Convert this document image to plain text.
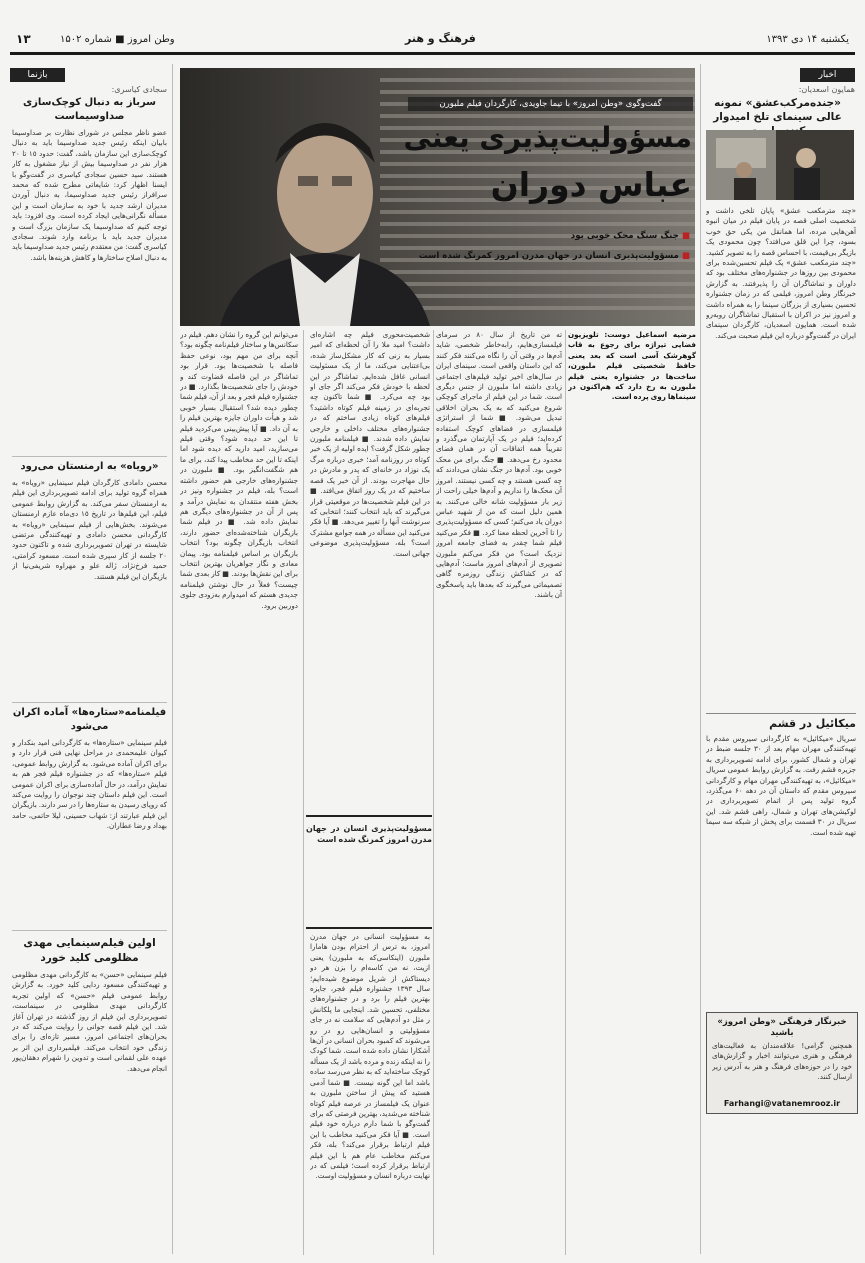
وطن امروز ■ شماره ۱۵۰۲
۱۳	فرهنگ و هنر	یکشنبه ۱۴ دی ۱۳۹۳
اخبار
همایون اسعدیان:
«جنده‌مرکب‌عشق» نمونه عالی سینمای تلخ امیدوار
«چند مترمکعب عشق» پایان تلخی داشت و شخصیت اصلی قصه در پایان فیلم در میان انبوه آهن‌هایی مرده، اما همانقل من یکی حق خوب بسود، چرا این قلق می‌افتد؟ چون محمودی یک بازیگر بی‌قیمت، با احساس قصه را به تصویر کشید. «چند مترمکعب عشق» یک فیلم تحسین‌شده برای محمودی بین روزها در جشنواره‌های مختلف بود که داوران و تماشاگران آن را پذیرفتند. به گزارش خبرنگار وطن امروز، فیلمی که در زمان جشنواره تحسین بسیاری از بزرگان سینما را به همراه داشت و امروز نیز در اکران با استقبال تماشاگران روبه‌رو شده است. همایون اسعدیان، کارگردان سینمای ایران در گفت‌وگو درباره این فیلم صحبت می‌کند.
میکائیل در قشم
سریال «میکائیل» به کارگردانی سیروس مقدم با تهیه‌کنندگی مهران مهام بعد از ۳۰ جلسه ضبط در تهران و شمال کشور، برای ادامه تصویربرداری به جزیره قشم رفت. به گزارش روابط عمومی سریال «میکائیل»، به تهیه‌کنندگی مهران مهام و کارگردانی سیروس مقدم که داستان آن در دهه ۶۰ می‌گذرد، گروه تولید پس از اتمام تصویربرداری در لوکیشن‌های تهران و شمال، راهی قشم شد. این سریال در ۳۰ قسمت برای پخش از شبکه سه سیما تهیه شده است.
خبرنگار فرهنگی «وطن امروز» باشید
همچنین گرامی! علاقه‌مندان به فعالیت‌های فرهنگی و هنری می‌توانند اخبار و گزارش‌های خود را در حوزه‌های فرهنگ و هنر به آدرس زیر ارسال کنند.
Farhangi@vatanemrooz.ir
گفت‌وگوی «وطن امروز» با تیما جاویدی، کارگردان فیلم ملبورن
مسؤولیت‌پذیری یعنی
عباس دوران
■ جنگ سنگ محک خوبی بود
■ مسؤولیت‌پذیری انسان در جهان مدرن امروز کمرنگ شده است
مرضیه اسماعیل دوست: تلویزیون فضایی تیراژه برای رجوع به قاب گوهرشک آسی است که بعد یعنی حافظ شخصیتی فیلم ملبورن، ساخت‌ها در جشنواره یعنی فیلم ملبورن به رخ دارد که هم‌اکنون در سینماها روی پرده است.
ته من تاریخ از سال ٨٠ در سرمای فیلمسازی‌هایم، رابه‌خاطر شخصی، شاید آدم‌ها در وقتی آن را نگاه می‌کنند فکر کنند که این داستان واقعی است. سینمای ایران در سال‌های اخیر تولید فیلم‌های اجتماعی زیادی داشته اما ملبورن از جنس دیگری است. شما در این فیلم از ماجرای کوچکی شروع می‌کنید که به یک بحران اخلاقی تبدیل می‌شود. ■ شما از استراتژی فیلمسازی در فضاهای کوچک استفاده کرده‌اید؛ فیلم در یک آپارتمان می‌گذرد و تقریباً همه اتفاقات آن در همان فضای محدود رخ می‌دهد. ■ جنگ برای من محک خوبی بود. آدم‌ها در جنگ نشان می‌دادند که چه کسی هستند و چه کسی نیستند. امروز آن محک‌ها را نداریم و آدم‌ها خیلی راحت از زیر بار مسؤولیت شانه خالی می‌کنند. به همین دلیل است که من از شهید عباس دوران یاد می‌کنم؛ کسی که مسؤولیت‌پذیری را تا آخرین لحظه معنا کرد. ■ فکر می‌کنید فیلم شما چقدر به فضای جامعه امروز نزدیک است؟ من فکر می‌کنم ملبورن تصویری از آدم‌های امروز ماست؛ آدم‌هایی که در کشاکش زندگی روزمره گاهی تصمیماتی می‌گیرند که بعدها باید پاسخگوی آن باشند.
شخصیت‌محوری فیلم چه اشاره‌ای داشت؟ امید ملا را آن لحظه‌ای که امیر بسیار به زنی که کار مشکل‌ساز شده، بی‌اعتنایی می‌کند، ما از یک مسئولیت انسانی غافل شده‌ایم. تماشاگر در این لحظه با خودش فکر می‌کند اگر جای او بود چه می‌کرد. ■ شما تاکنون چه تجربه‌ای در زمینه فیلم کوتاه داشتید؟ فیلم‌های کوتاه زیادی ساختم که در جشنواره‌های مختلف داخلی و خارجی نمایش داده شدند. ■ فیلمنامه ملبورن چطور شکل گرفت؟ ایده اولیه از یک خبر کوتاه در روزنامه آمد؛ خبری درباره مرگ یک نوزاد در خانه‌ای که پدر و مادرش در حال مهاجرت بودند. از آن خبر یک قصه ساختیم که در یک روز اتفاق می‌افتد. ■ در این فیلم شخصیت‌ها در موقعیتی قرار می‌گیرند که باید انتخاب کنند؛ انتخابی که سرنوشت آنها را تغییر می‌دهد. ■ آیا فکر می‌کنید این مسأله در همه جوامع مشترک است؟ بله، مسؤولیت‌پذیری موضوعی جهانی است.
مسؤولیت‌پذیری انسان در جهان مدرن امروز کمرنگ شده است
به مسؤولیت انسانی در جهان مدرن امروز، به ترس از احترام بودن هامارا ملبورن (اینکاسی‌که به ‌ملبورن) یعنی ازیت، نه من کاسه‌ام را بزن هر دو دیستاکش از شریل موضوع شیده‌ایم؛ سال ١٣٩٣ جشنواره فیلم فجر، جایزه بهترین فیلم را برد و در جشنواره‌های مختلفی، تحسین شد. اینجایی ما پلکانش ر مثل دو آدم‌هایی که سلامت نه در جای مسؤولیتی و انسان‌هایی رو در رو می‌شوند که کمبود بحران انسانی در آن‌ها آشکارا نشان داده شده است. شما کودک را نه اینکه زنده و مرده باشد از یک مسأله کوچک ساخته‌اید که به نظر می‌رسد ساده باشد اما این گونه نیست. ■ شما آدمی هستید که پیش از ساختن ملبورن به عنوان یک فیلمساز در عرصه فیلم کوتاه شناخته می‌شدید، بهترین فرصتی که برای گفت‌وگو با شما دارم درباره خود فیلم است. ■ آیا فکر می‌کنید مخاطب با این فیلم ارتباط برقرار می‌کند؟ بله، فکر می‌کنم مخاطب عام هم با این فیلم ارتباط برقرار کرده است؛ فیلمی که در نهایت درباره انسان و مسؤولیت اوست.
می‌توانم این گروه را نشان دهم. فیلم در سکانس‌ها و ساختار فیلم‌نامه چگونه بود؟ آنچه برای من مهم بود، نوعی حفظ فاصله با شخصیت‌ها بود. قرار بود تماشاگر در این فاصله قضاوت کند و خودش را جای شخصیت‌ها بگذارد. ■ در جشنواره فیلم فجر و بعد از آن، فیلم شما چطور دیده شد؟ استقبال بسیار خوبی شد و هیأت داوران جایزه بهترین فیلم را به آن داد. ■ آیا پیش‌بینی می‌کردید فیلم تا این حد دیده شود؟ وقتی فیلم می‌سازید، امید دارید که دیده شود اما اینکه تا این حد مخاطب پیدا کند، برای ما هم شگفت‌انگیز بود. ■ ملبورن در جشنواره‌های خارجی هم حضور داشته است؟ بله، فیلم در جشنواره ونیز در بخش هفته منتقدان به نمایش درآمد و پس از آن در جشنواره‌های دیگری هم نمایش داده شد. ■ در فیلم شما بازیگران شناخته‌شده‌ای حضور دارند، انتخاب بازیگران چگونه بود؟ انتخاب بازیگران بر اساس فیلمنامه بود. پیمان معادی و نگار جواهریان بهترین انتخاب برای این نقش‌ها بودند. ■ کار بعدی شما چیست؟ فعلاً در حال نوشتن فیلمنامه جدیدی هستم که امیدوارم به‌زودی جلوی دوربین برود.
بازنما
سجادی کیاسری:
سرباز به دنبال کوچک‌سازی صداوسیماست
عضو ناظر مجلس در شورای نظارت بر صداوسیما بابیان اینکه رئیس جدید صداوسیما باید به دنبال کوچک‌سازی این سازمان باشد، گفت: حدود ١٥ تا ٢٠ هزار نفر در صداوسیما بیش از نیاز مشغول به کار هستند. سید حسین سجادی کیاسری در گفت‌وگو با ایسنا اظهار کرد: شایعاتی مطرح شده که محمد سرافراز رئیس جدید صداوسیما، به دنبال آوردن مدیران ارشد جدید با خود به سازمان است و این مسأله نگرانی‌هایی ایجاد کرده است. وی افزود: باید توجه کنیم که صداوسیما یک سازمان بزرگ است و مدیران جدید باید با برنامه وارد شوند. سجادی کیاسری گفت: من معتقدم رئیس جدید صداوسیما باید به دنبال اصلاح ساختارها و کاهش هزینه‌ها باشد.
«رویاه» به ارمنستان می‌رود
محسن دامادی کارگردان فیلم سینمایی «رویاه» به همراه گروه تولید برای ادامه تصویربرداری این فیلم به ارمنستان سفر می‌کند. به گزارش روابط عمومی فیلم، این فیلم‌ها در تاریخ ١٥ دی‌ماه عازم ارمنستان می‌شوند. بخش‌هایی از فیلم سینمایی «رویاه» به کارگردانی محسن دامادی و تهیه‌کنندگی مرتضی شایسته در تهران تصویربرداری شده و تاکنون حدود ٢٠ جلسه از کار سپری شده است. مسعود کرامتی، حمید فرخ‌نژاد، ژاله علو و مهراوه شریفی‌نیا از بازیگران این فیلم هستند.
فیلمنامه‌«ستاره‌ها» آماده اکران می‌شود
فیلم سینمایی «ستاره‌ها» به کارگردانی امید بنکدار و کیوان علیمحمدی در مراحل نهایی فنی قرار دارد و برای اکران آماده می‌شود. به گزارش روابط عمومی، فیلم «ستاره‌ها» که در جشنواره فیلم فجر هم به نمایش درآمد، در حال آماده‌سازی برای اکران عمومی است. این فیلم داستان چند نوجوان را روایت می‌کند که رویای رسیدن به ستاره‌ها را در سر دارند. بازیگران این فیلم عبارتند از: شهاب حسینی، لیلا حاتمی، حامد بهداد و رضا عطاران.
اولین فیلم‌سینمایی مهدی مظلومی کلید خورد
فیلم سینمایی «حسن» به کارگردانی مهدی مظلومی و تهیه‌کنندگی مسعود ردایی کلید خورد. به گزارش روابط عمومی فیلم «حسن» که اولین تجربه کارگردانی مهدی مظلومی در سینماست، تصویربرداری این فیلم از روز گذشته در تهران آغاز شد. این فیلم قصه جوانی را روایت می‌کند که در بحران‌های اجتماعی امروز، مسیر تازه‌ای را برای زندگی خود انتخاب می‌کند. فیلمبرداری این اثر بر عهده علی لقمانی است و تدوین را شهرام دهقان‌پور انجام می‌دهد.
